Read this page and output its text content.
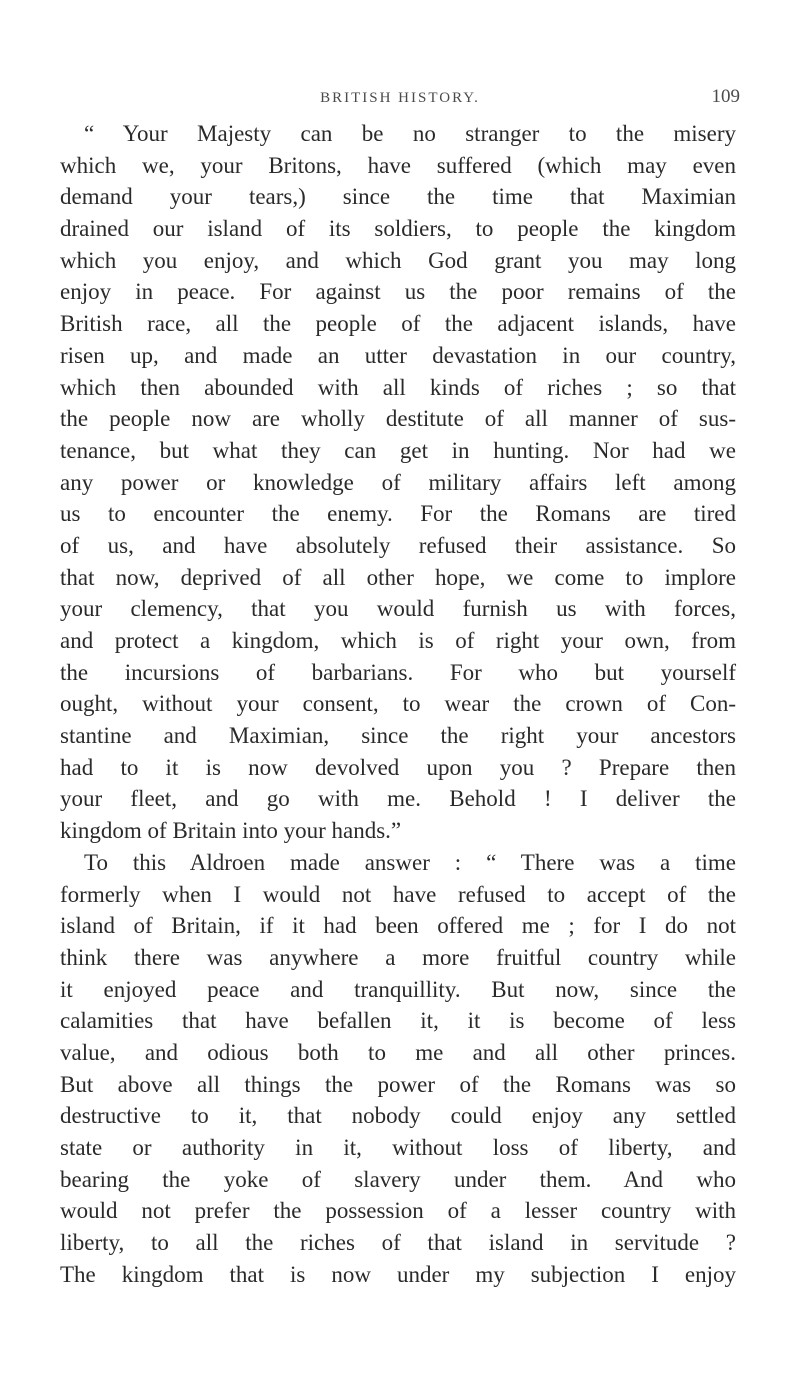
BRITISH HISTORY.	109
“ Your Majesty can be no stranger to the misery
which we, your Britons, have suffered (which may even
demand your tears,) since the time that Maximian
drained our island of its soldiers, to people the kingdom
which you enjoy, and which God grant you may long
enjoy in peace. For against us the poor remains of the
British race, all the people of the adjacent islands, have
risen up, and made an utter devastation in our country,
which then abounded with all kinds of riches ; so that
the people now are wholly destitute of all manner of sus-
tenance, but what they can get in hunting. Nor had we
any power or knowledge of military affairs left among
us to encounter the enemy. For the Romans are tired
of us, and have absolutely refused their assistance. So
that now, deprived of all other hope, we come to implore
your clemency, that you would furnish us with forces,
and protect a kingdom, which is of right your own, from
the incursions of barbarians. For who but yourself
ought, without your consent, to wear the crown of Con-
stantine and Maximian, since the right your ancestors
had to it is now devolved upon you ? Prepare then
your fleet, and go with me. Behold ! I deliver the
kingdom of Britain into your hands.”
To this Aldroen made answer : “ There was a time
formerly when I would not have refused to accept of the
island of Britain, if it had been offered me ; for I do not
think there was anywhere a more fruitful country while
it enjoyed peace and tranquillity. But now, since the
calamities that have befallen it, it is become of less
value, and odious both to me and all other princes.
But above all things the power of the Romans was so
destructive to it, that nobody could enjoy any settled
state or authority in it, without loss of liberty, and
bearing the yoke of slavery under them. And who
would not prefer the possession of a lesser country with
liberty, to all the riches of that island in servitude ?
The kingdom that is now under my subjection I enjoy
